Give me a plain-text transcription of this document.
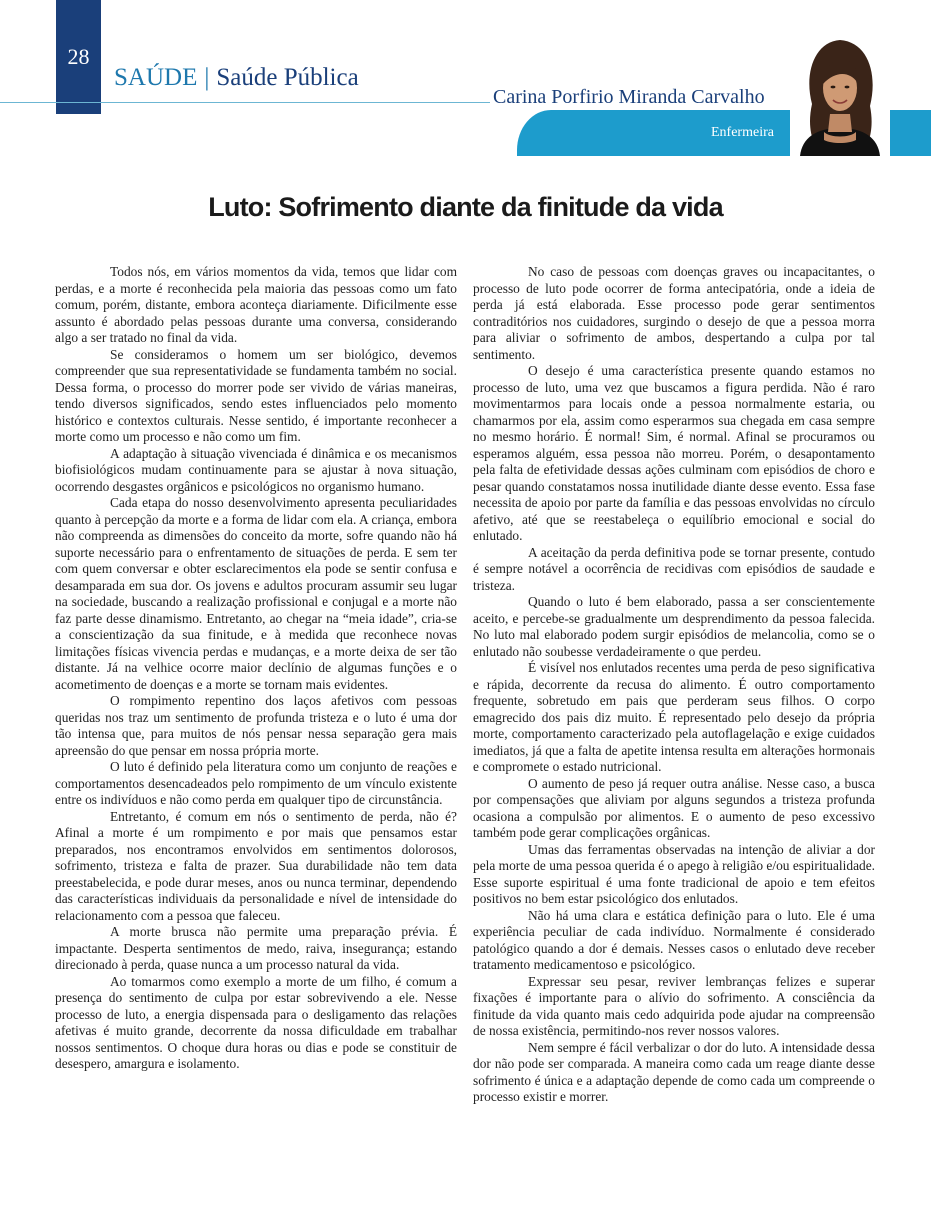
28
SAÚDE | Saúde Pública
Carina Porfirio Miranda Carvalho
Enfermeira
Luto: Sofrimento diante da finitude da vida

Todos nós, em vários momentos da vida, temos que lidar com perdas, e a morte é reconhecida pela maioria das pessoas como um fato comum, porém, distante, embora aconteça diariamente. Dificilmente esse assunto é abordado pelas pessoas durante uma conversa, considerando algo a ser tratado no final da vida.

Se consideramos o homem um ser biológico, devemos compreender que sua representatividade se fundamenta também no social. Dessa forma, o processo do morrer pode ser vivido de várias maneiras, tendo diversos significados, sendo estes influenciados pelo momento histórico e contextos culturais. Nesse sentido, é importante reconhecer a morte como um processo e não como um fim.

A adaptação à situação vivenciada é dinâmica e os mecanismos biofisiológicos mudam continuamente para se ajustar à nova situação, ocorrendo desgastes orgânicos e psicológicos no organismo humano.

Cada etapa do nosso desenvolvimento apresenta peculiaridades quanto à percepção da morte e a forma de lidar com ela. A criança, embora não compreenda as dimensões do conceito da morte, sofre quando não há suporte necessário para o enfrentamento de situações de perda. E sem ter com quem conversar e obter esclarecimentos ela pode se sentir confusa e desamparada em sua dor. Os jovens e adultos procuram assumir seu lugar na sociedade, buscando a realização profissional e conjugal e a morte não faz parte desse dinamismo. Entretanto, ao chegar na “meia idade”, cria-se a conscientização da sua finitude, e à medida que reconhece novas limitações físicas vivencia perdas e mudanças, e a morte deixa de ser tão distante. Já na velhice ocorre maior declínio de algumas funções e o acometimento de doenças e a morte se tornam mais evidentes.

O rompimento repentino dos laços afetivos com pessoas queridas nos traz um sentimento de profunda tristeza e o luto é uma dor tão intensa que, para muitos de nós pensar nessa separação gera mais apreensão do que pensar em nossa própria morte.

O luto é definido pela literatura como um conjunto de reações e comportamentos desencadeados pelo rompimento de um vínculo existente entre os indivíduos e não como perda em qualquer tipo de circunstância.

Entretanto, é comum em nós o sentimento de perda, não é? Afinal a morte é um rompimento e por mais que pensamos estar preparados, nos encontramos envolvidos em sentimentos dolorosos, sofrimento, tristeza e falta de prazer. Sua durabilidade não tem data preestabelecida, e pode durar meses, anos ou nunca terminar, dependendo das características individuais da personalidade e nível de intensidade do relacionamento com a pessoa que faleceu.

A morte brusca não permite uma preparação prévia. É impactante. Desperta sentimentos de medo, raiva, insegurança; estando direcionado à perda, quase nunca a um processo natural da vida.

Ao tomarmos como exemplo a morte de um filho, é comum a presença do sentimento de culpa por estar sobrevivendo a ele. Nesse processo de luto, a energia dispensada para o desligamento das relações afetivas é muito grande, decorrente da nossa dificuldade em trabalhar nossos sentimentos. O choque dura horas ou dias e pode se constituir de desespero, amargura e isolamento.

No caso de pessoas com doenças graves ou incapacitantes, o processo de luto pode ocorrer de forma antecipatória, onde a ideia de perda já está elaborada. Esse processo pode gerar sentimentos contraditórios nos cuidadores, surgindo o desejo de que a pessoa morra para aliviar o sofrimento de ambos, despertando a culpa por tal sentimento.

O desejo é uma característica presente quando estamos no processo de luto, uma vez que buscamos a figura perdida. Não é raro movimentarmos para locais onde a pessoa normalmente estaria, ou chamarmos por ela, assim como esperarmos sua chegada em casa sempre no mesmo horário. É normal! Sim, é normal. Afinal se procuramos ou esperamos alguém, essa pessoa não morreu. Porém, o desapontamento pela falta de efetividade dessas ações culminam com episódios de choro e pesar quando constatamos nossa inutilidade diante desse evento. Essa fase necessita de apoio por parte da família e das pessoas envolvidas no círculo afetivo, até que se reestabeleça o equilíbrio emocional e social do enlutado.

A aceitação da perda definitiva pode se tornar presente, contudo é sempre notável a ocorrência de recidivas com episódios de saudade e tristeza.

Quando o luto é bem elaborado, passa a ser conscientemente aceito, e percebe-se gradualmente um desprendimento da pessoa falecida. No luto mal elaborado podem surgir episódios de melancolia, como se o enlutado não soubesse verdadeiramente o que perdeu.

É visível nos enlutados recentes uma perda de peso significativa e rápida, decorrente da recusa do alimento. É outro comportamento frequente, sobretudo em pais que perderam seus filhos. O corpo emagrecido dos pais diz muito. É representado pelo desejo da própria morte, comportamento caracterizado pela autoflagelação e exige cuidados imediatos, já que a falta de apetite intensa resulta em alterações hormonais e compromete o estado nutricional.

O aumento de peso já requer outra análise. Nesse caso, a busca por compensações que aliviam por alguns segundos a tristeza profunda ocasiona a compulsão por alimentos. E o aumento de peso excessivo também pode gerar complicações orgânicas.

Umas das ferramentas observadas na intenção de aliviar a dor pela morte de uma pessoa querida é o apego à religião e/ou espiritualidade. Esse suporte espiritual é uma fonte tradicional de apoio e tem efeitos positivos no bem estar psicológico dos enlutados.

Não há uma clara e estática definição para o luto. Ele é uma experiência peculiar de cada indivíduo. Normalmente é considerado patológico quando a dor é demais. Nesses casos o enlutado deve receber tratamento medicamentoso e psicológico.

Expressar seu pesar, reviver lembranças felizes e superar fixações é importante para o alívio do sofrimento. A consciência da finitude da vida quanto mais cedo adquirida pode ajudar na compreensão de nossa existência, permitindo-nos rever nossos valores.

Nem sempre é fácil verbalizar o dor do luto. A intensidade dessa dor não pode ser comparada. A maneira como cada um reage diante desse sofrimento é única e a adaptação depende de como cada um compreende o processo existir e morrer.
